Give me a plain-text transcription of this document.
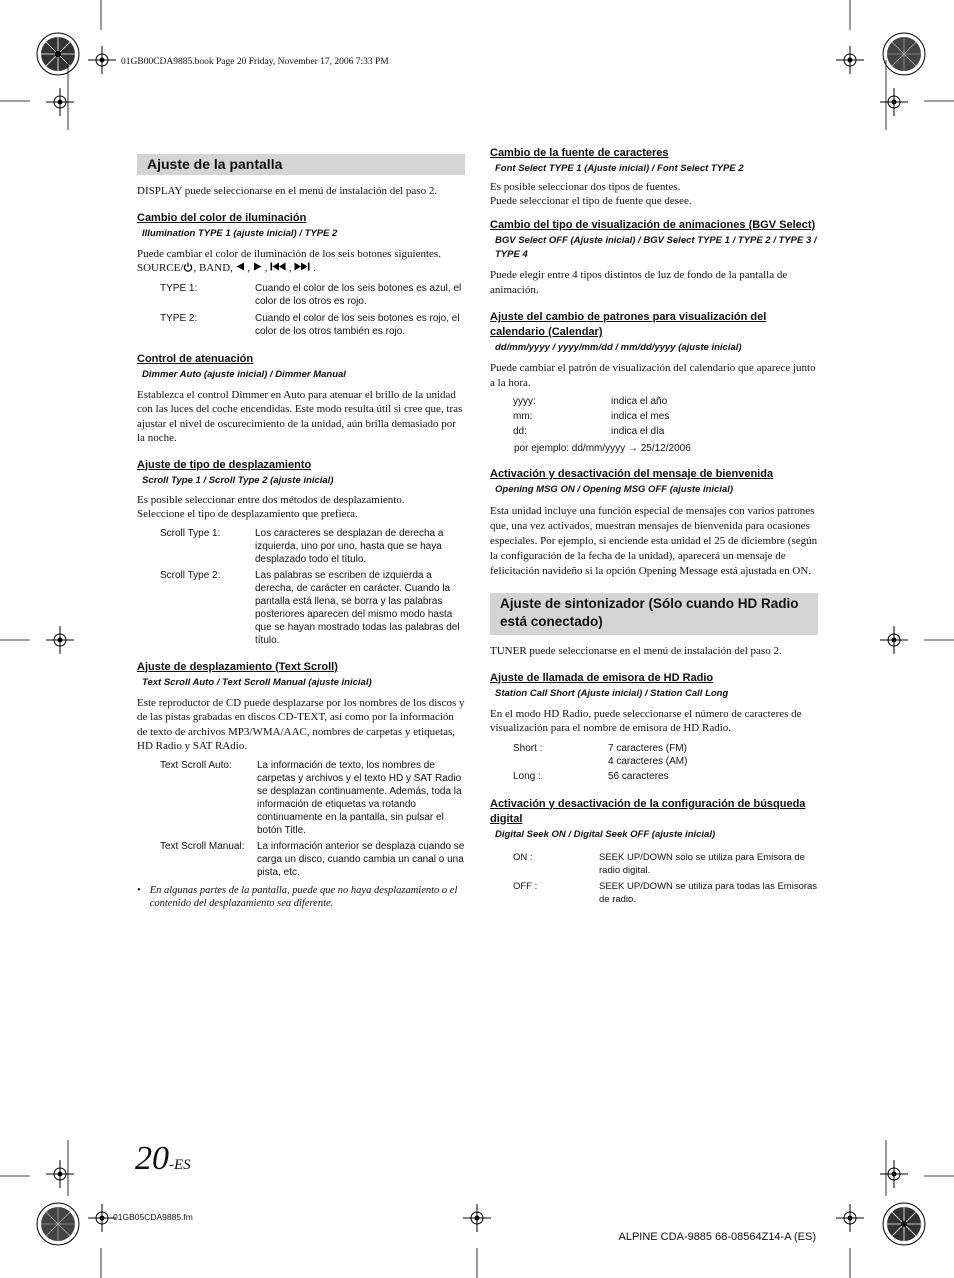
01GB00CDA9885.book Page 20 Friday, November 17, 2006 7:33 PM
Ajuste de la pantalla

DISPLAY puede seleccionarse en el menú de instalación del paso 2.

Cambio del color de iluminación

Illumination TYPE 1 (ajuste inicial) / TYPE 2

Puede cambiar el color de iluminación de los seis botones siguientes.

SOURCE/ , BAND,  ,  ,  ,  .

TYPE 1:	Cuando el color de los seis botones es azul, el color de los otros es rojo.
TYPE 2:	Cuando el color de los seis botones es rojo, el color de los otros también es rojo.

Control de atenuación

Dimmer Auto (ajuste inicial) / Dimmer Manual

Establezca el control Dimmer en Auto para atenuar el brillo de la unidad con las luces del coche encendidas. Este modo resulta útil si cree que, tras ajustar el nivel de oscurecimiento de la unidad, aún brilla demasiado por la noche.

Ajuste de tipo de desplazamiento

Scroll Type 1 / Scroll Type 2 (ajuste inicial)

Es posible seleccionar entre dos métodos de desplazamiento.

Seleccione el tipo de desplazamiento que prefiera.

Scroll Type 1:	Los caracteres se desplazan de derecha a izquierda, uno por uno, hasta que se haya desplazado todo el título.
Scroll Type 2:	Las palabras se escriben de izquierda a derecha, de carácter en carácter. Cuando la pantalla está llena, se borra y las palabras posteriores aparecen del mismo modo hasta que se hayan mostrado todas las palabras del título.

Ajuste de desplazamiento (Text Scroll)

Text Scroll Auto / Text Scroll Manual (ajuste inicial)

Este reproductor de CD puede desplazarse por los nombres de los discos y de las pistas grabadas en discos CD-TEXT, así como por la información de texto de archivos MP3/WMA/AAC, nombres de carpetas y etiquetas, HD Radio y SAT RAdio.

Text Scroll Auto:	La información de texto, los nombres de carpetas y archivos y el texto HD y SAT Radio se desplazan continuamente. Además, toda la información de etiquetas va rotando continuamente en la pantalla, sin pulsar el botón Title.
Text Scroll Manual:	La información anterior se desplaza cuando se carga un disco, cuando cambia un canal o una pista, etc.
• En algunas partes de la pantalla, puede que no haya desplazamiento o el contenido del desplazamiento sea diferente.

Cambio de la fuente de caracteres

Font Select TYPE 1 (Ajuste inicial) / Font Select TYPE 2

Es posible seleccionar dos tipos de fuentes.

Puede seleccionar el tipo de fuente que desee.

Cambio del tipo de visualización de animaciones (BGV Select)

BGV Select OFF (Ajuste inicial) / BGV Select TYPE 1 / TYPE 2 / TYPE 3 / TYPE 4

Puede elegir entre 4 tipos distintos de luz de fondo de la pantalla de animación.

Ajuste del cambio de patrones para visualización del calendario (Calendar)

dd/mm/yyyy / yyyy/mm/dd / mm/dd/yyyy (ajuste inicial)

Puede cambiar el patrón de visualización del calendario que aparece junto a la hora.

yyyy:	indica el año
mm:	indica el mes
dd:	indica el día
por ejemplo: dd/mm/yyyy → 25/12/2006

Activación y desactivación del mensaje de bienvenida

Opening MSG ON / Opening MSG OFF (ajuste inicial)

Esta unidad incluye una función especial de mensajes con varios patrones que, una vez activados, muestran mensajes de bienvenida para ocasiones especiales. Por ejemplo, si enciende esta unidad el 25 de diciembre (según la configuración de la fecha de la unidad), aparecerá un mensaje de felicitación navideño si la opción Opening Message está ajustada en ON.

Ajuste de sintonizador (Sólo cuando HD Radio está conectado)

TUNER puede seleccionarse en el menú de instalación del paso 2.

Ajuste de llamada de emisora de HD Radio

Station Call Short (Ajuste inicial) / Station Call Long

En el modo HD Radio, puede seleccionarse el número de caracteres de visualización para el nombre de emisora de HD Radio.

Short :	7 caracteres (FM)
4 caracteres (AM)
Long :	56 caracteres

Activación y desactivación de la configuración de búsqueda digital

Digital Seek ON / Digital Seek OFF (ajuste inicial)

ON :	SEEK UP/DOWN sólo se utiliza para Emisora de radio digital.
OFF :	SEEK UP/DOWN se utiliza para todas las Emisoras de radio.
20-ES
01GB05CDA9885.fm
ALPINE CDA-9885 68-08564Z14-A (ES)
